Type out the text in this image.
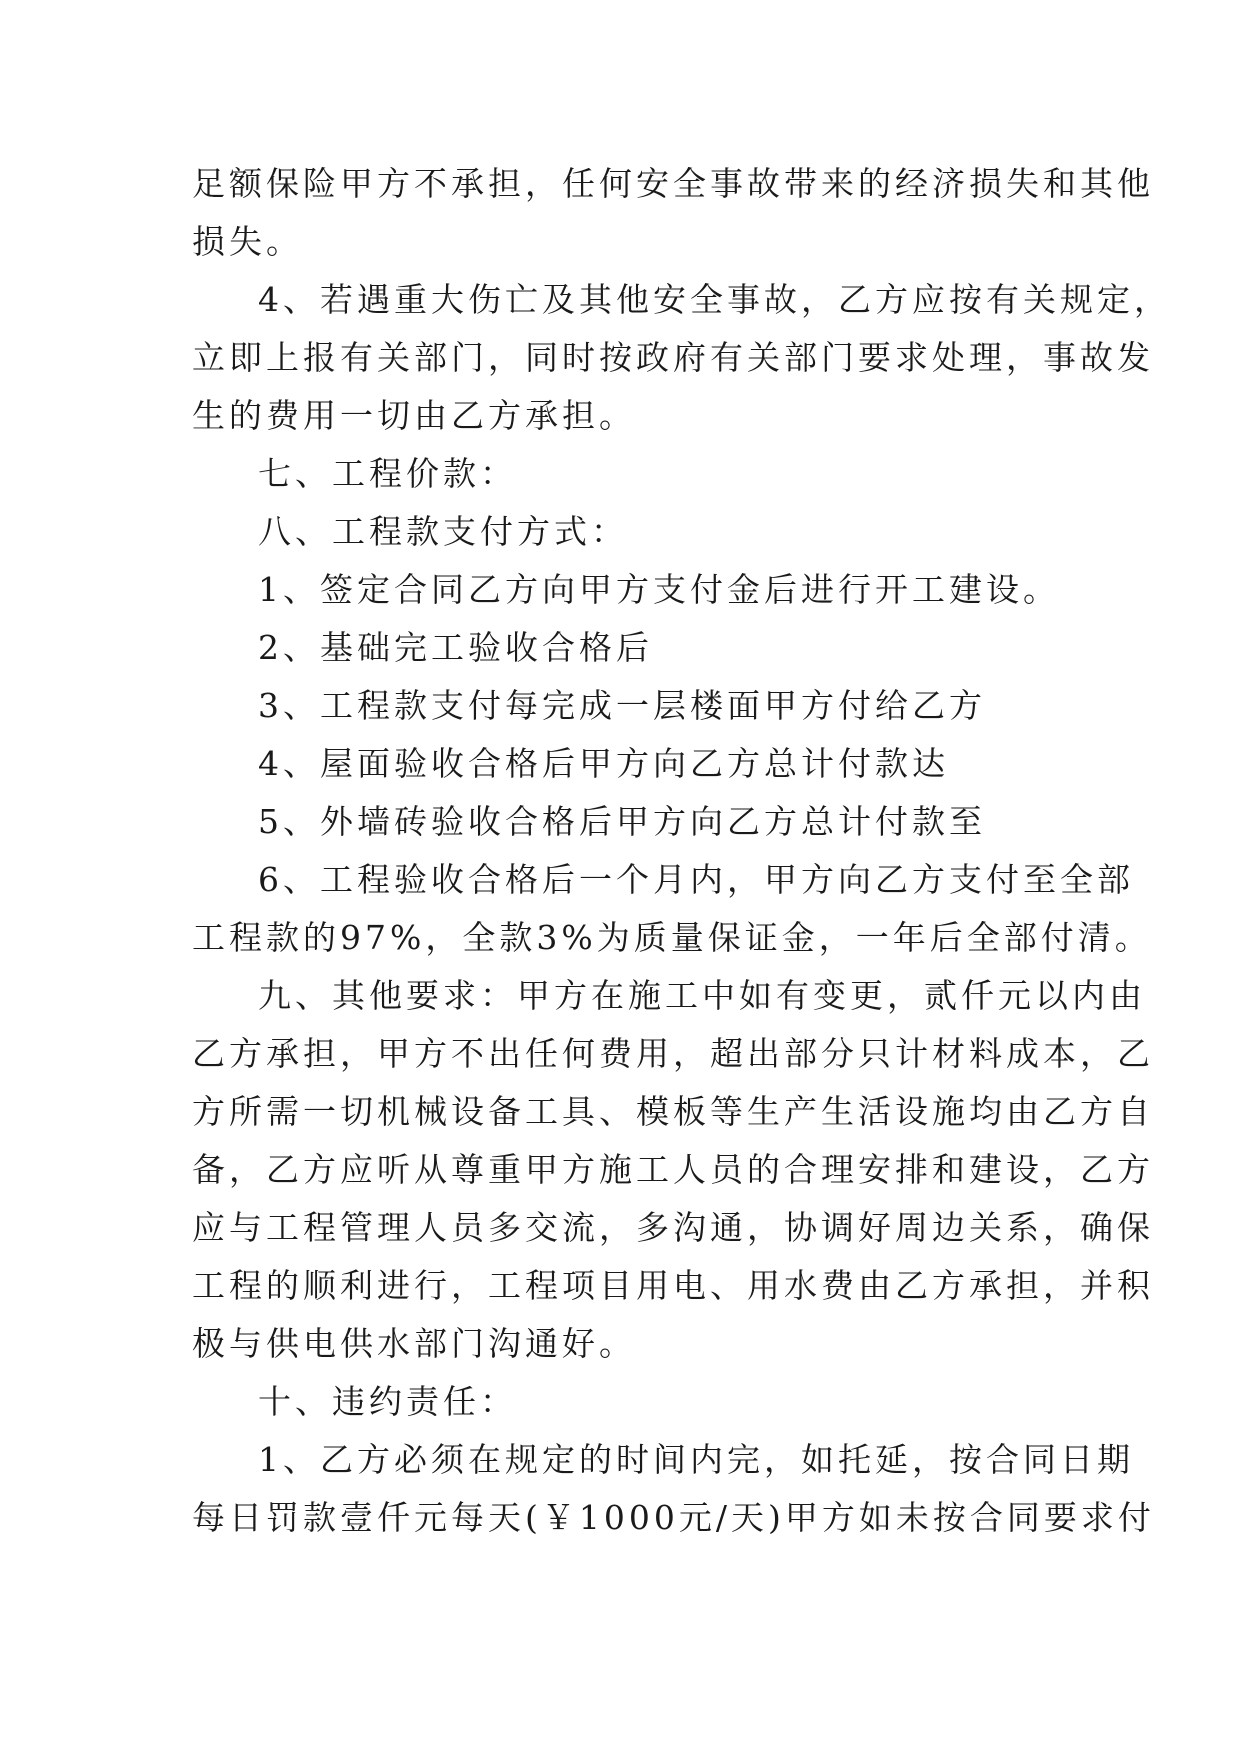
足额保险甲方不承担，任何安全事故带来的经济损失和其他
损失。
4、若遇重大伤亡及其他安全事故，乙方应按有关规定，
立即上报有关部门，同时按政府有关部门要求处理，事故发
生的费用一切由乙方承担。
七、工程价款：
八、工程款支付方式：
1、签定合同乙方向甲方支付金后进行开工建设。
2、基础完工验收合格后
3、工程款支付每完成一层楼面甲方付给乙方
4、屋面验收合格后甲方向乙方总计付款达
5、外墙砖验收合格后甲方向乙方总计付款至
6、工程验收合格后一个月内，甲方向乙方支付至全部
工程款的97%，全款3%为质量保证金，一年后全部付清。
九、其他要求：甲方在施工中如有变更，贰仟元以内由
乙方承担，甲方不出任何费用，超出部分只计材料成本，乙
方所需一切机械设备工具、模板等生产生活设施均由乙方自
备，乙方应听从尊重甲方施工人员的合理安排和建设，乙方
应与工程管理人员多交流，多沟通，协调好周边关系，确保
工程的顺利进行，工程项目用电、用水费由乙方承担，并积
极与供电供水部门沟通好。
十、违约责任：
1、乙方必须在规定的时间内完，如托延，按合同日期
每日罚款壹仟元每天(￥1000元/天)甲方如未按合同要求付
